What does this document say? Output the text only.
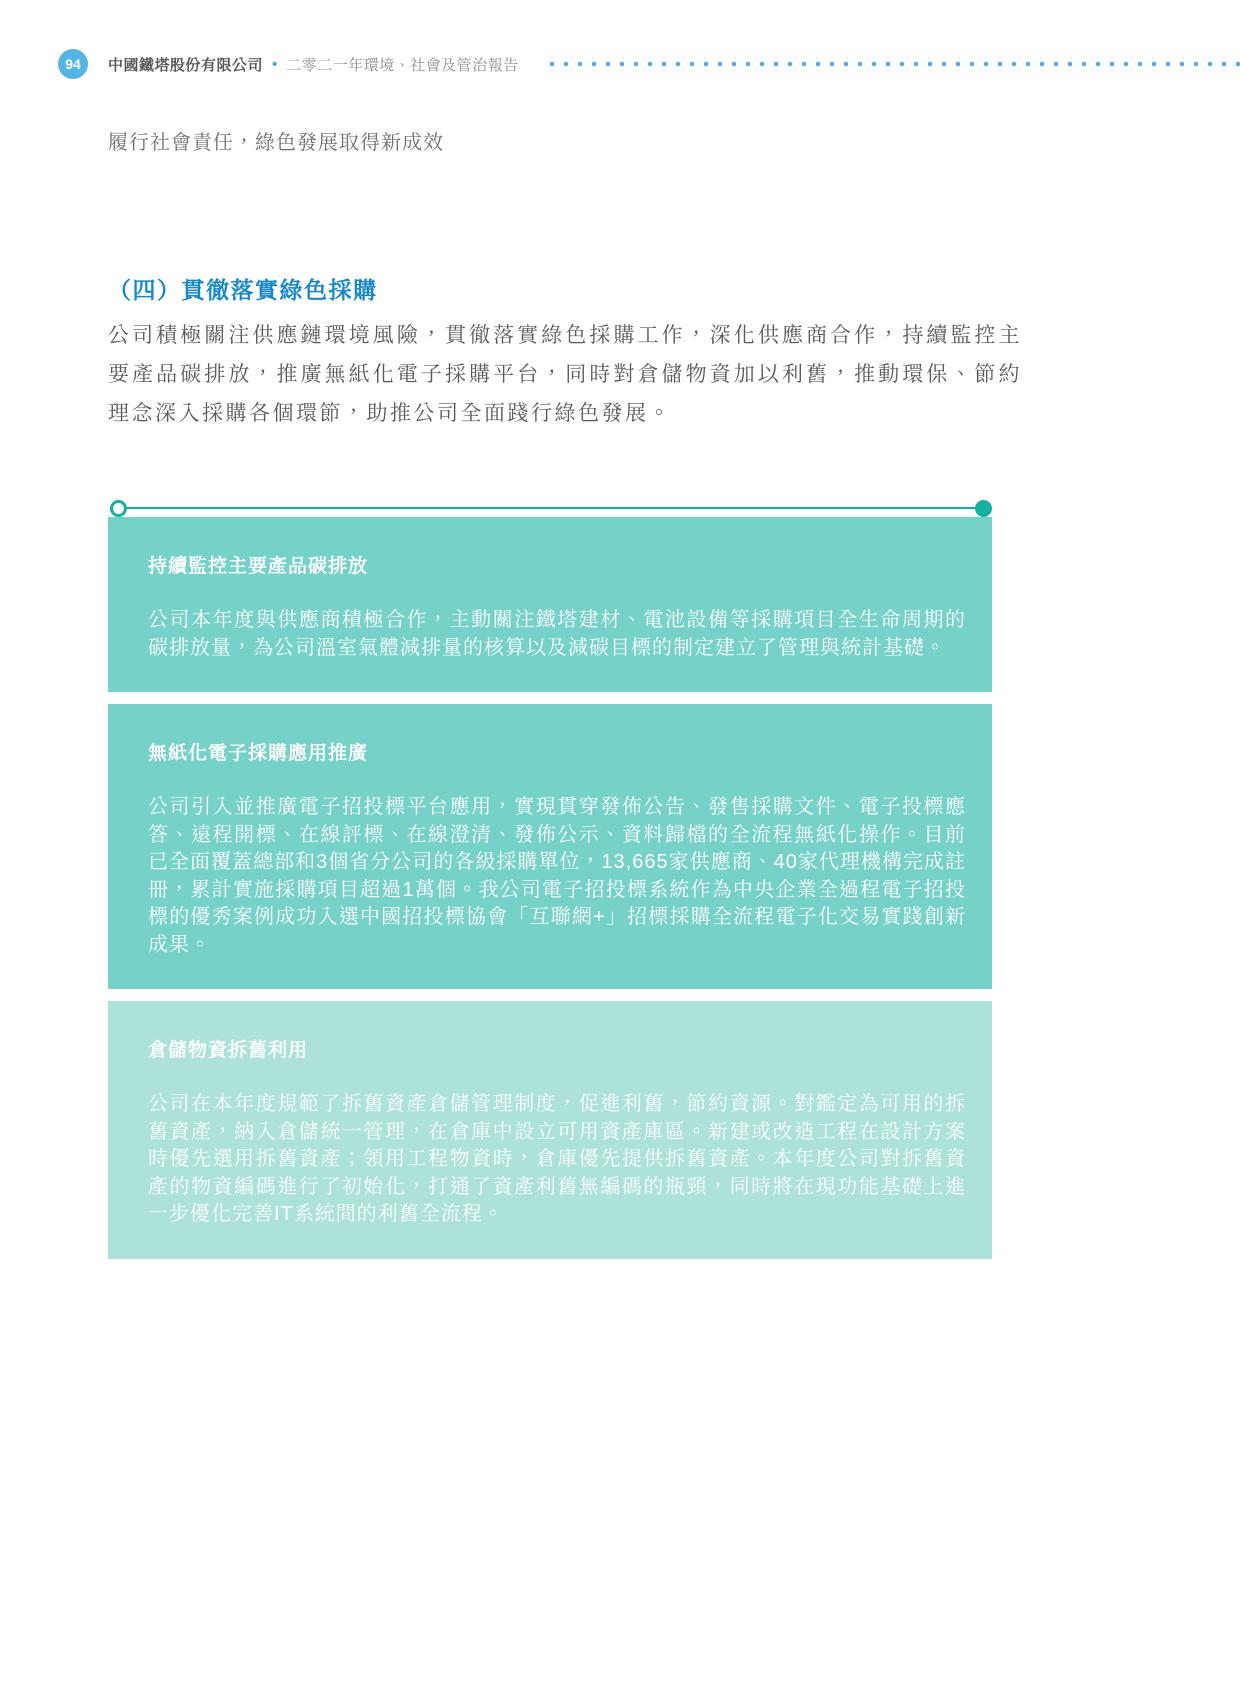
94 中國鐵塔股份有限公司 • 二零二一年環境、社會及管治報告
履行社會責任，綠色發展取得新成效
（四）貫徹落實綠色採購

公司積極關注供應鏈環境風險，貫徹落實綠色採購工作，深化供應商合作，持續監控主要產品碳排放，推廣無紙化電子採購平台，同時對倉儲物資加以利舊，推動環保、節約理念深入採購各個環節，助推公司全面踐行綠色發展。

持續監控主要產品碳排放
公司本年度與供應商積極合作，主動關注鐵塔建材、電池設備等採購項目全生命周期的碳排放量，為公司溫室氣體減排量的核算以及減碳目標的制定建立了管理與統計基礎。
無紙化電子採購應用推廣
公司引入並推廣電子招投標平台應用，實現貫穿發佈公告、發售採購文件、電子投標應答、遠程開標、在線評標、在線澄清、發佈公示、資料歸檔的全流程無紙化操作。目前已全面覆蓋總部和3個省分公司的各級採購單位，13,665家供應商、40家代理機構完成註冊，累計實施採購項目超過1萬個。我公司電子招投標系統作為中央企業全過程電子招投標的優秀案例成功入選中國招投標協會「互聯網+」招標採購全流程電子化交易實踐創新成果。
倉儲物資拆舊利用
公司在本年度規範了拆舊資產倉儲管理制度，促進利舊，節約資源。對鑑定為可用的拆舊資產，納入倉儲統一管理，在倉庫中設立可用資產庫區。新建或改造工程在設計方案時優先選用拆舊資產；領用工程物資時，倉庫優先提供拆舊資產。本年度公司對拆舊資產的物資編碼進行了初始化，打通了資產利舊無編碼的瓶頸，同時將在現功能基礎上進一步優化完善IT系統間的利舊全流程。
